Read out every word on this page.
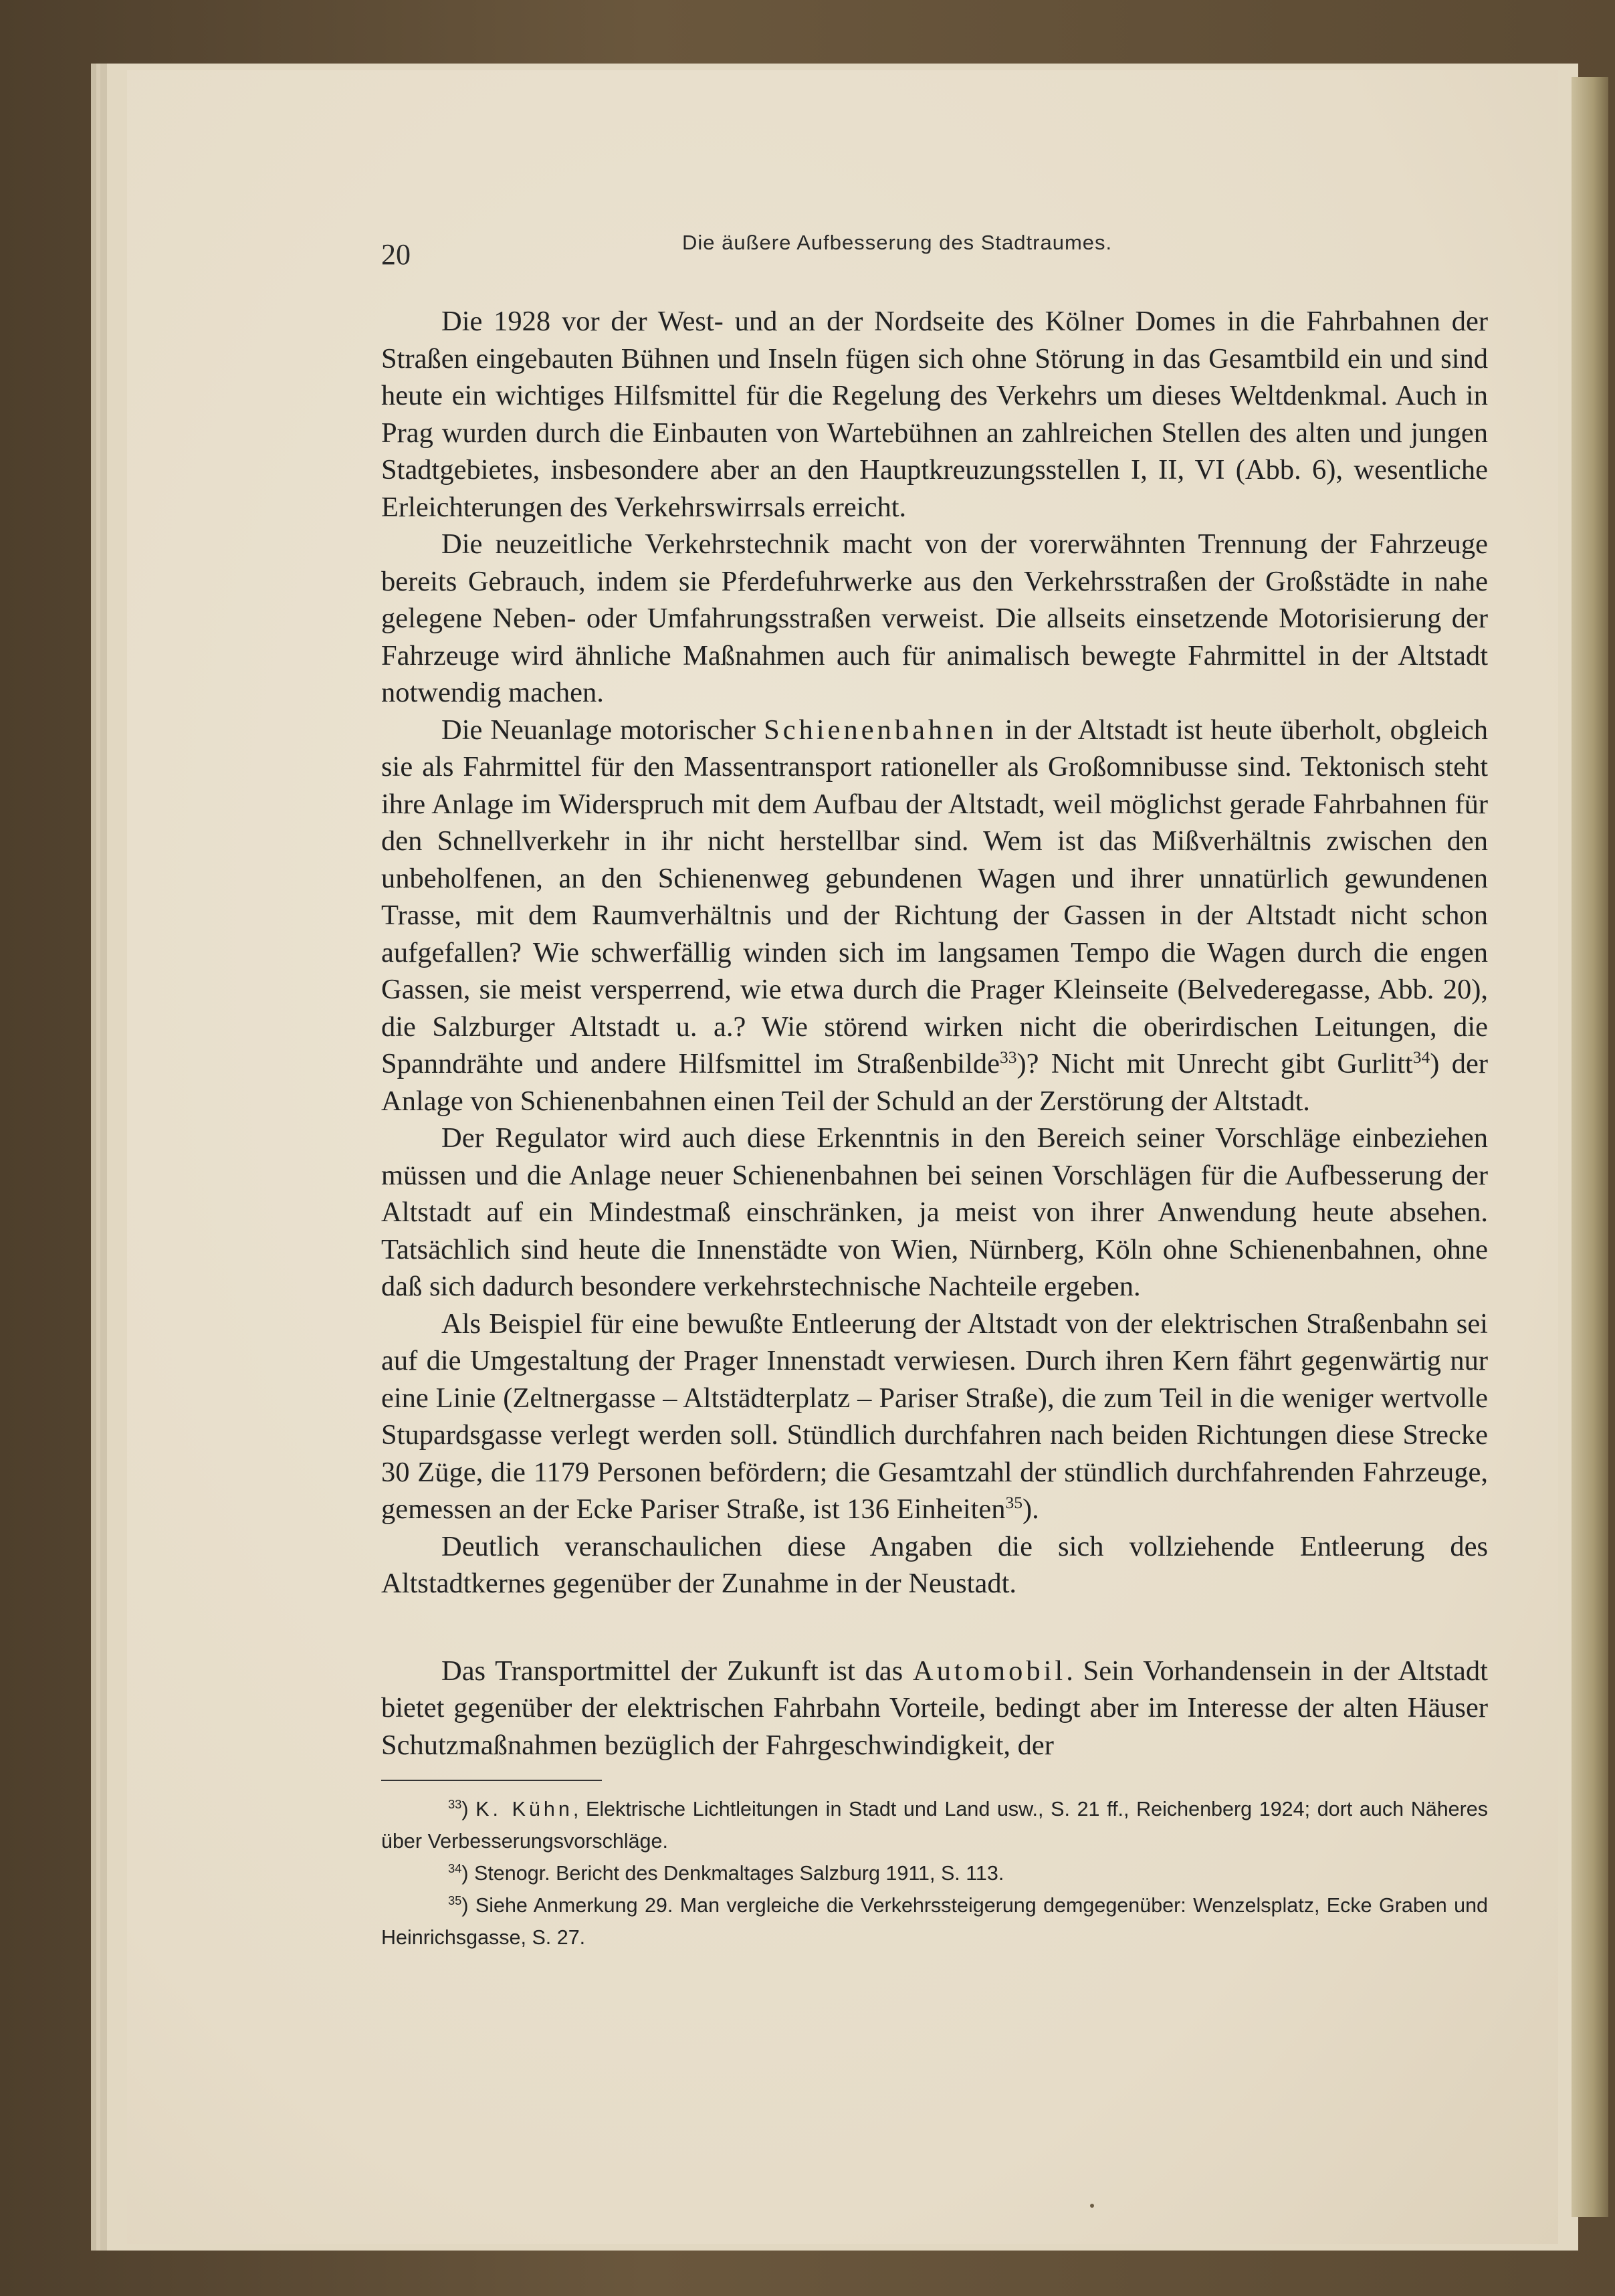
20	Die äußere Aufbesserung des Stadtraumes.

Die 1928 vor der West- und an der Nordseite des Kölner Domes in die Fahrbahnen der Straßen eingebauten Bühnen und Inseln fügen sich ohne Störung in das Gesamtbild ein und sind heute ein wichtiges Hilfsmittel für die Regelung des Verkehrs um dieses Weltdenkmal. Auch in Prag wurden durch die Einbauten von Wartebühnen an zahlreichen Stellen des alten und jungen Stadtgebietes, insbesondere aber an den Hauptkreuzungsstellen I, II, VI (Abb. 6), wesentliche Erleichterungen des Verkehrswirrsals erreicht.

Die neuzeitliche Verkehrstechnik macht von der vorerwähnten Trennung der Fahrzeuge bereits Gebrauch, indem sie Pferdefuhrwerke aus den Verkehrsstraßen der Großstädte in nahe gelegene Neben- oder Umfahrungsstraßen verweist. Die allseits einsetzende Motorisierung der Fahrzeuge wird ähnliche Maßnahmen auch für animalisch bewegte Fahrmittel in der Altstadt notwendig machen.

Die Neuanlage motorischer Schienenbahnen in der Altstadt ist heute überholt, obgleich sie als Fahrmittel für den Massentransport rationeller als Großomnibusse sind. Tektonisch steht ihre Anlage im Widerspruch mit dem Aufbau der Altstadt, weil möglichst gerade Fahrbahnen für den Schnellverkehr in ihr nicht herstellbar sind. Wem ist das Mißverhältnis zwischen den unbeholfenen, an den Schienenweg gebundenen Wagen und ihrer unnatürlich gewundenen Trasse, mit dem Raumverhältnis und der Richtung der Gassen in der Altstadt nicht schon aufgefallen? Wie schwerfällig winden sich im langsamen Tempo die Wagen durch die engen Gassen, sie meist versperrend, wie etwa durch die Prager Kleinseite (Belvederegasse, Abb. 20), die Salzburger Altstadt u. a.? Wie störend wirken nicht die oberirdischen Leitungen, die Spanndrähte und andere Hilfsmittel im Straßenbilde$^{33}$)? Nicht mit Unrecht gibt Gurlitt$^{34}$) der Anlage von Schienenbahnen einen Teil der Schuld an der Zerstörung der Altstadt.

Der Regulator wird auch diese Erkenntnis in den Bereich seiner Vorschläge einbeziehen müssen und die Anlage neuer Schienenbahnen bei seinen Vorschlägen für die Aufbesserung der Altstadt auf ein Mindestmaß einschränken, ja meist von ihrer Anwendung heute absehen. Tatsächlich sind heute die Innenstädte von Wien, Nürnberg, Köln ohne Schienenbahnen, ohne daß sich dadurch besondere verkehrstechnische Nachteile ergeben.

Als Beispiel für eine bewußte Entleerung der Altstadt von der elektrischen Straßenbahn sei auf die Umgestaltung der Prager Innenstadt verwiesen. Durch ihren Kern fährt gegenwärtig nur eine Linie (Zeltnergasse – Altstädterplatz – Pariser Straße), die zum Teil in die weniger wertvolle Stupardsgasse verlegt werden soll. Stündlich durchfahren nach beiden Richtungen diese Strecke 30 Züge, die 1179 Personen befördern; die Gesamtzahl der stündlich durchfahrenden Fahrzeuge, gemessen an der Ecke Pariser Straße, ist 136 Einheiten$^{35}$).

Deutlich veranschaulichen diese Angaben die sich vollziehende Entleerung des Altstadtkernes gegenüber der Zunahme in der Neustadt.

Das Transportmittel der Zukunft ist das Automobil. Sein Vorhandensein in der Altstadt bietet gegenüber der elektrischen Fahrbahn Vorteile, bedingt aber im Interesse der alten Häuser Schutzmaßnahmen bezüglich der Fahrgeschwindigkeit, der

$^{33}$) K. Kühn, Elektrische Lichtleitungen in Stadt und Land usw., S. 21 ff., Reichenberg 1924; dort auch Näheres über Verbesserungsvorschläge.

$^{34}$) Stenogr. Bericht des Denkmaltages Salzburg 1911, S. 113.

$^{35}$) Siehe Anmerkung 29. Man vergleiche die Verkehrssteigerung demgegenüber: Wenzelsplatz, Ecke Graben und Heinrichsgasse, S. 27.
